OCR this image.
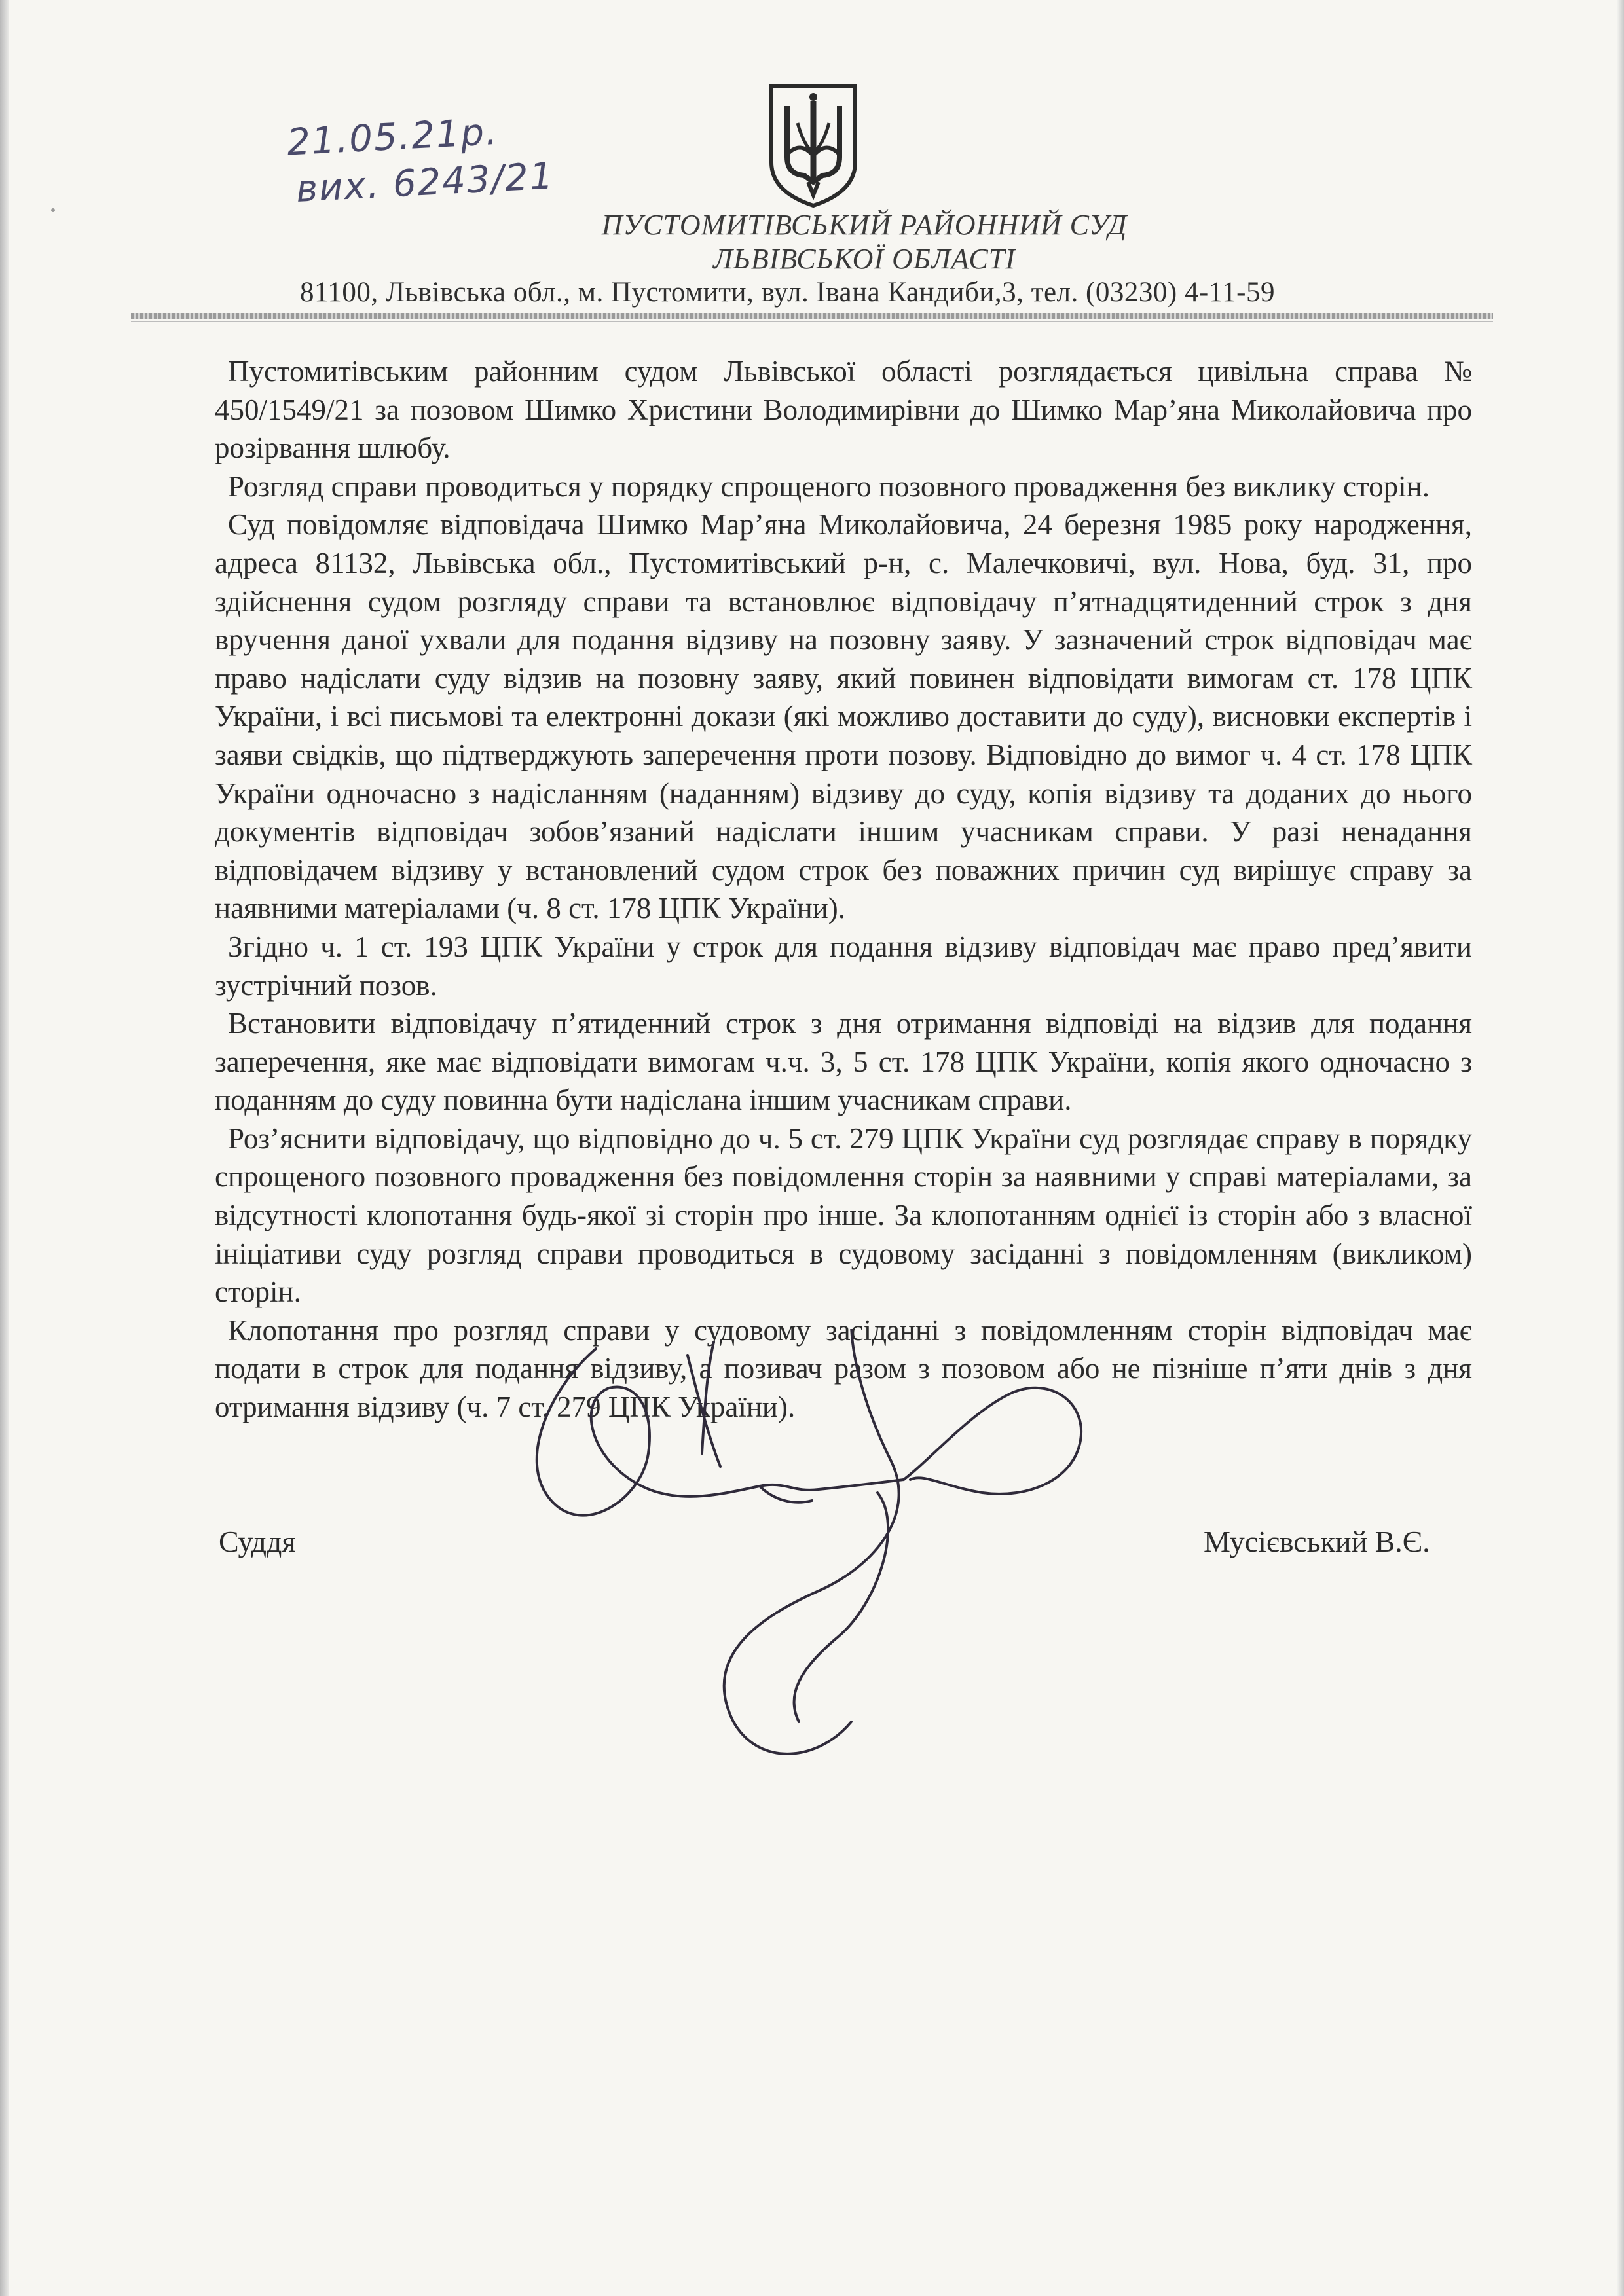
21.05.21р.
вих. 6243/21
ПУСТОМИТІВСЬКИЙ РАЙОННИЙ СУД
ЛЬВІВСЬКОЇ ОБЛАСТІ
81100, Львівська обл., м. Пустомити, вул. Івана Кандиби,3, тел. (03230) 4-11-59

Пустомитівським районним судом Львівської області розглядається цивільна справа № 450/1549/21 за позовом Шимко Христини Володимирівни до Шимко Мар’яна Миколайовича про розірвання шлюбу.

Розгляд справи проводиться у порядку спрощеного позовного провадження без виклику сторін.

Суд повідомляє відповідача Шимко Мар’яна Миколайовича, 24 березня 1985 року народження, адреса 81132, Львівська обл., Пустомитівський р-н, с. Малечковичі, вул. Нова, буд. 31, про здійснення судом розгляду справи та встановлює відповідачу п’ятнадцятиденний строк з дня вручення даної ухвали для подання відзиву на позовну заяву. У зазначений строк відповідач має право надіслати суду відзив на позовну заяву, який повинен відповідати вимогам ст. 178 ЦПК України, і всі письмові та електронні докази (які можливо доставити до суду), висновки експертів і заяви свідків, що підтверджують заперечення проти позову. Відповідно до вимог ч. 4 ст. 178 ЦПК України одночасно з надісланням (наданням) відзиву до суду, копія відзиву та доданих до нього документів відповідач зобов’язаний надіслати іншим учасникам справи. У разі ненадання відповідачем відзиву у встановлений судом строк без поважних причин суд вирішує справу за наявними матеріалами (ч. 8 ст. 178 ЦПК України).

Згідно ч. 1 ст. 193 ЦПК України у строк для подання відзиву відповідач має право пред’явити зустрічний позов.

Встановити відповідачу п’ятиденний строк з дня отримання відповіді на відзив для подання заперечення, яке має відповідати вимогам ч.ч. 3, 5 ст. 178 ЦПК України, копія якого одночасно з поданням до суду повинна бути надіслана іншим учасникам справи.

Роз’яснити відповідачу, що відповідно до ч. 5 ст. 279 ЦПК України суд розглядає справу в порядку спрощеного позовного провадження без повідомлення сторін за наявними у справі матеріалами, за відсутності клопотання будь-якої зі сторін про інше. За клопотанням однієї із сторін або з власної ініціативи суду розгляд справи проводиться в судовому засіданні з повідомленням (викликом) сторін.

Клопотання про розгляд справи у судовому засіданні з повідомленням сторін відповідач має подати в строк для подання відзиву, а позивач разом з позовом або не пізніше п’яти днів з дня отримання відзиву (ч. 7 ст. 279 ЦПК України).

Суддя	Мусієвський В.Є.
